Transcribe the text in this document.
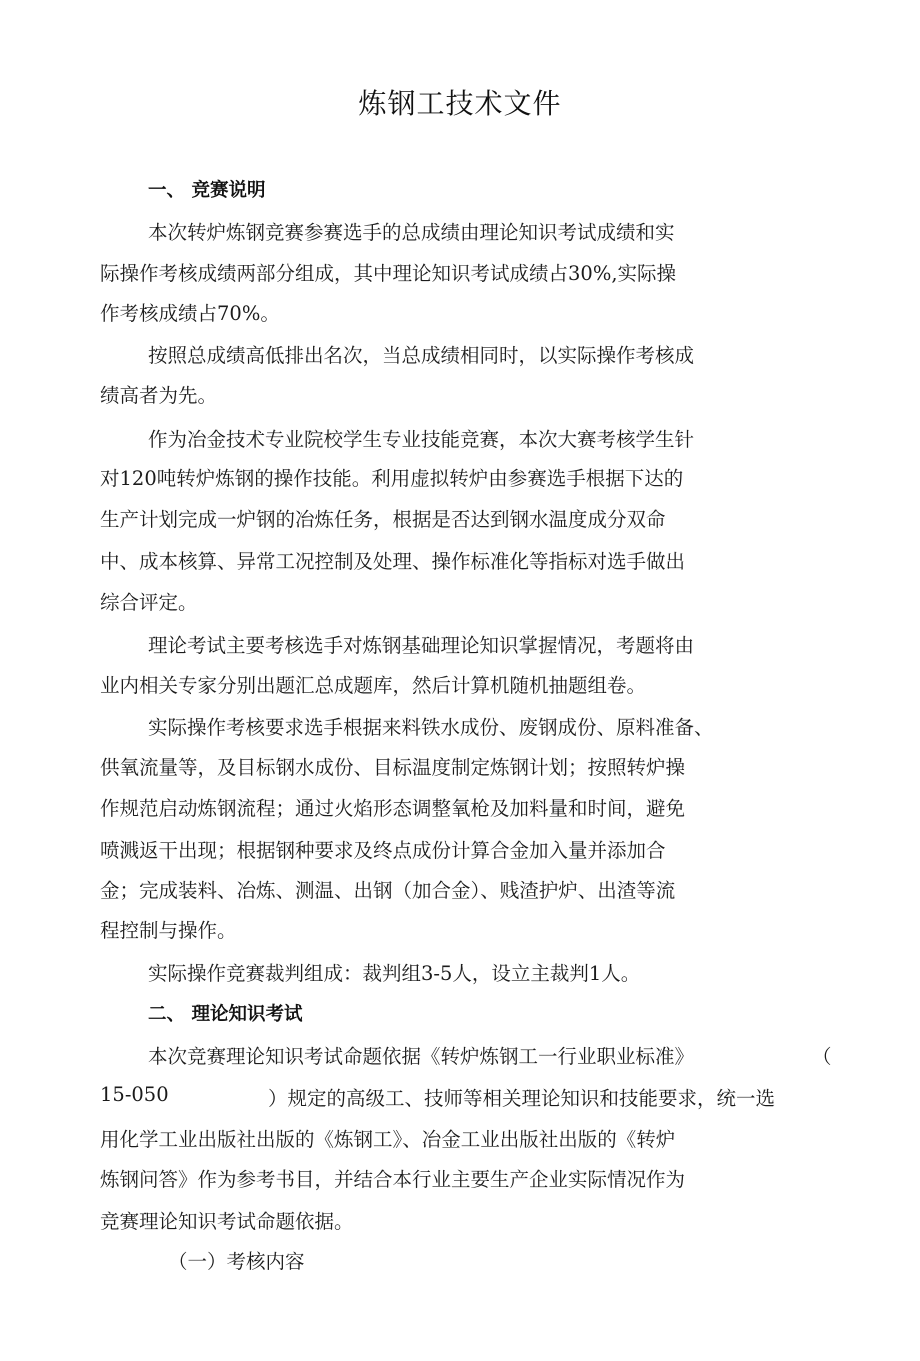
炼钢工技术文件
一、 竞赛说明
本次转炉炼钢竞赛参赛选手的总成绩由理论知识考试成绩和实
际操作考核成绩两部分组成，其中理论知识考试成绩占30%,实际操
作考核成绩占70%。
按照总成绩高低排出名次，当总成绩相同时，以实际操作考核成
绩高者为先。
作为冶金技术专业院校学生专业技能竞赛，本次大赛考核学生针
对120吨转炉炼钢的操作技能。利用虚拟转炉由参赛选手根据下达的
生产计划完成一炉钢的冶炼任务，根据是否达到钢水温度成分双命
中、成本核算、异常工况控制及处理、操作标准化等指标对选手做出
综合评定。
理论考试主要考核选手对炼钢基础理论知识掌握情况，考题将由
业内相关专家分别出题汇总成题库，然后计算机随机抽题组卷。
实际操作考核要求选手根据来料铁水成份、废钢成份、原料准备、
供氧流量等，及目标钢水成份、目标温度制定炼钢计划；按照转炉操
作规范启动炼钢流程；通过火焰形态调整氧枪及加料量和时间，避免
喷溅返干出现；根据钢种要求及终点成份计算合金加入量并添加合
金；完成装料、冶炼、测温、出钢（加合金）、贱渣护炉、出渣等流
程控制与操作。
实际操作竞赛裁判组成：裁判组3-5人，设立主裁判1人。
二、 理论知识考试
本次竞赛理论知识考试命题依据《转炉炼钢工一行业职业标准》	（
15-050	）规定的高级工、技师等相关理论知识和技能要求，统一选
用化学工业出版社出版的《炼钢工》、冶金工业出版社出版的《转炉
炼钢问答》作为参考书目，并结合本行业主要生产企业实际情况作为
竞赛理论知识考试命题依据。
（一）考核内容
